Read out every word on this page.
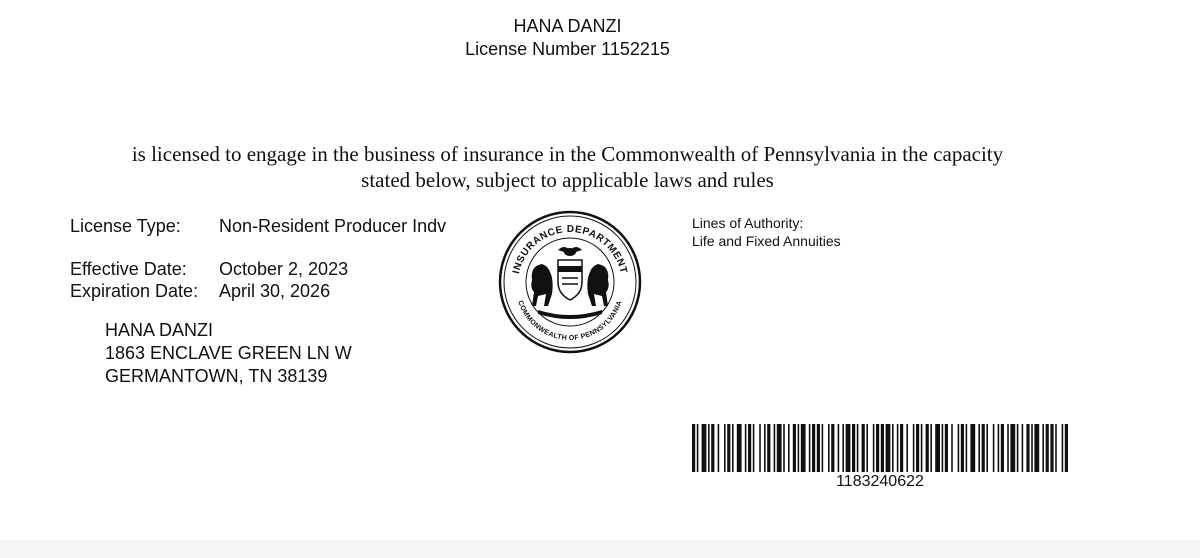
HANA DANZI
License Number 1152215
is licensed to engage in the business of insurance in the Commonwealth of Pennsylvania in the capacity
stated below, subject to applicable laws and rules
License Type: Non-Resident Producer Indv
Effective Date: October 2, 2023
Expiration Date: April 30, 2026
HANA DANZI
1863 ENCLAVE GREEN LN W
GERMANTOWN, TN 38139
INSURANCE DEPARTMENT
COMMONWEALTH OF PENNSYLVANIA
Lines of Authority:
Life and Fixed Annuities
1183240622
